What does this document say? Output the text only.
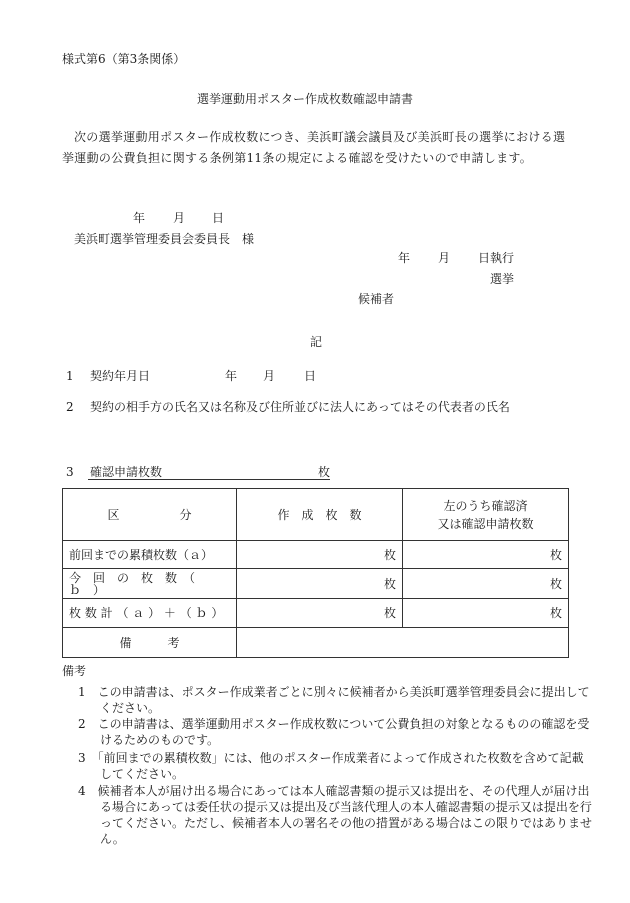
様式第6（第3条関係）
選挙運動用ポスター作成枚数確認申請書
次の選挙運動用ポスター作成枚数につき、美浜町議会議員及び美浜町長の選挙における選挙運動の公費負担に関する条例第11条の規定による確認を受けたいので申請します。
年 月 日
美浜町選挙管理委員会委員長　様
年 月 日執行
選挙
候補者
記
1 契約年月日	年 月 日
2 契約の相手方の氏名又は名称及び住所並びに法人にあってはその代表者の氏名
3 確認申請枚数	枚
区　　　　　分	作　成　枚　数	左のうち確認済
又は確認申請枚数

前回までの累積枚数（ａ）	枚	枚
今　回　の　枚　数　（　ｂ　）	枚	枚
枚 数 計 （ ａ ） ＋ （ ｂ ）	枚	枚
備　　　考		
備考
1　この申請書は、ポスター作成業者ごとに別々に候補者から美浜町選挙管理委員会に提出してください。
2　この申請書は、選挙運動用ポスター作成枚数について公費負担の対象となるものの確認を受けるためのものです。
3　「前回までの累積枚数」には、他のポスター作成業者によって作成された枚数を含めて記載してください。
4　候補者本人が届け出る場合にあっては本人確認書類の提示又は提出を、その代理人が届け出る場合にあっては委任状の提示又は提出及び当該代理人の本人確認書類の提示又は提出を行ってください。ただし、候補者本人の署名その他の措置がある場合はこの限りではありません。
